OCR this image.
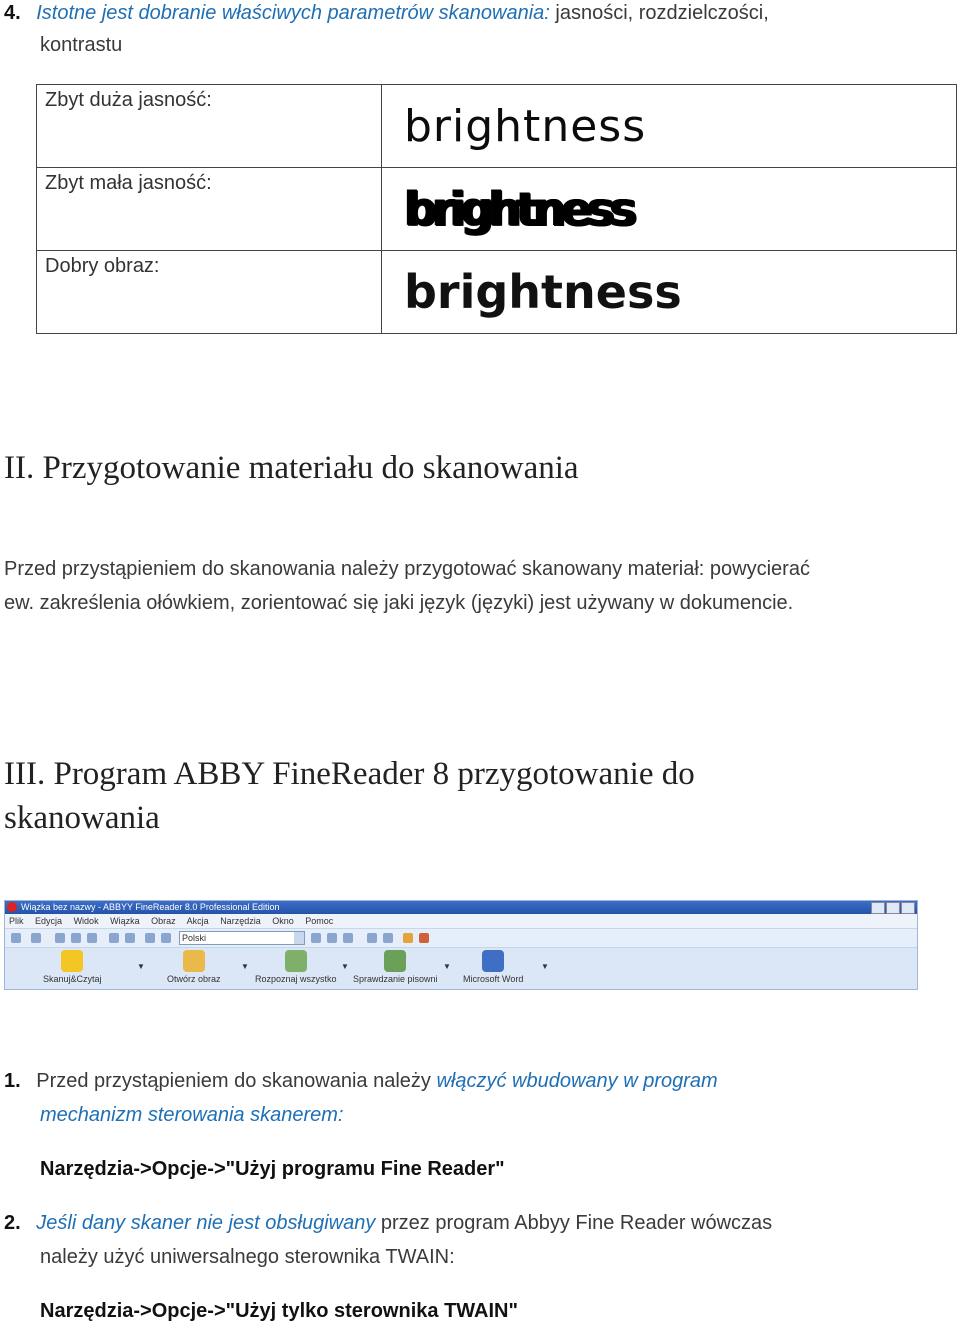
4. Istotne jest dobranie właściwych parametrów skanowania: jasności, rozdzielczości,
kontrastu
Zbyt duża jasność:	brightness

Zbyt mała jasność:	brightness

Dobry obraz:	brightness
II. Przygotowanie materiału do skanowania
Przed przystąpieniem do skanowania należy przygotować skanowany materiał: powycierać
ew. zakreślenia ołówkiem, zorientować się jaki język (języki) jest używany w dokumencie.
III. Program ABBY FineReader 8 przygotowanie do
skanowania
Wiązka bez nazwy - ABBYY FineReader 8.0 Professional Edition
Plik Edycja Widok Wiązka Obraz Akcja Narzędzia Okno Pomoc
Polski
Skanuj&Czytaj
▼
Otwórz obraz
▼
Rozpoznaj wszystko
▼
Sprawdzanie pisowni
▼
Microsoft Word
▼
1. Przed przystąpieniem do skanowania należy włączyć wbudowany w program
mechanizm sterowania skanerem:
Narzędzia->Opcje->"Użyj programu Fine Reader"
2. Jeśli dany skaner nie jest obsługiwany przez program Abbyy Fine Reader wówczas
należy użyć uniwersalnego sterownika TWAIN:
Narzędzia->Opcje->"Użyj tylko sterownika TWAIN"
